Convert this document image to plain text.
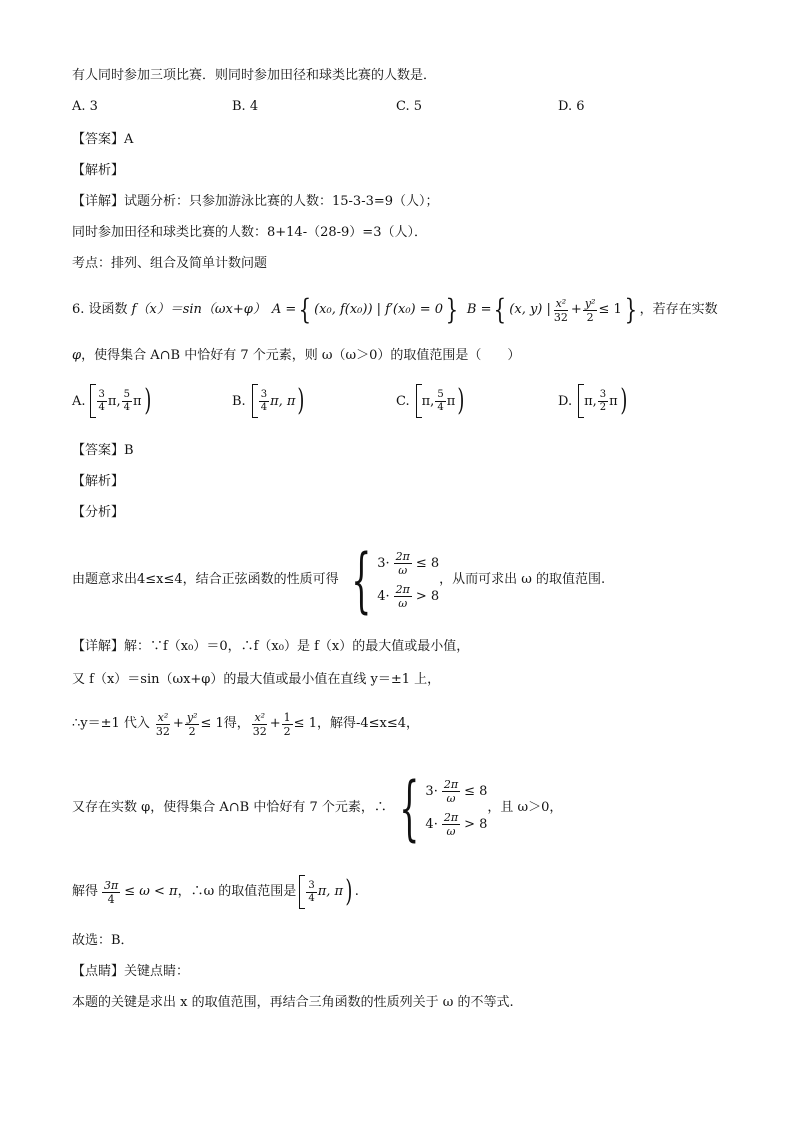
有人同时参加三项比赛．则同时参加田径和球类比赛的人数是．
A. 3	B. 4	C. 5	D. 6
【答案】A
【解析】
【详解】试题分析：只参加游泳比赛的人数：15-3-3=9（人）；
同时参加田径和球类比赛的人数：8+14-（28-9）=3（人）．
考点：排列、组合及简单计数问题
6. 设函数 f（x）＝sin（ωx+φ） A = { (x₀, f(x₀)) | f′(x₀) = 0 } B = { (x, y) | $\frac{\text{x²}}{32} + \frac{\text{y²}}{2} \le 1$ } ，若存在实数
φ，使得集合 A∩B 中恰好有 7 个元素，则 ω（ω＞0）的取值范围是（　　）
A. $\frac{3}{4} \pi$, $\frac{5}{4}$ π )	B. $\frac{3}{4} \pi$, π )	C. π, $\frac{5}{4}$ π )	D. π, $\frac{3}{2}$ π )
【答案】B
【解析】
【分析】
由题意求出4≤x≤4，结合正弦函数的性质可得 { $3\cdot \frac{2\pi}{\omega} \le 8$
$4\cdot \frac{2\pi}{\omega} > 8$
，从而可求出 ω 的取值范围.
【详解】解：∵f（x₀）＝0，∴f（x₀）是 f（x）的最大值或最小值，
又 f（x）＝sin（ωx+φ）的最大值或最小值在直线 y＝±1 上，
∴y＝±1 代入 $\frac{\text{x²}}{32} + \frac{\text{y²}}{2} \le 1$ 得， $\frac{\text{x²}}{32} + \frac{1}{2} \le 1$ ，解得-4≤x≤4，
又存在实数 φ，使得集合 A∩B 中恰好有 7 个元素，∴ { $3\cdot \frac{2\pi}{\omega} \le 8$
$4\cdot \frac{2\pi}{\omega} > 8$
，且 ω＞0，
解得 $\frac{3\pi}{4} \le \omega < \pi$ ，∴ω 的取值范围是 $\frac{3}{4} \pi$, π ) .
故选：B．
【点睛】关键点睛：
本题的关键是求出 x 的取值范围，再结合三角函数的性质列关于 ω 的不等式.
